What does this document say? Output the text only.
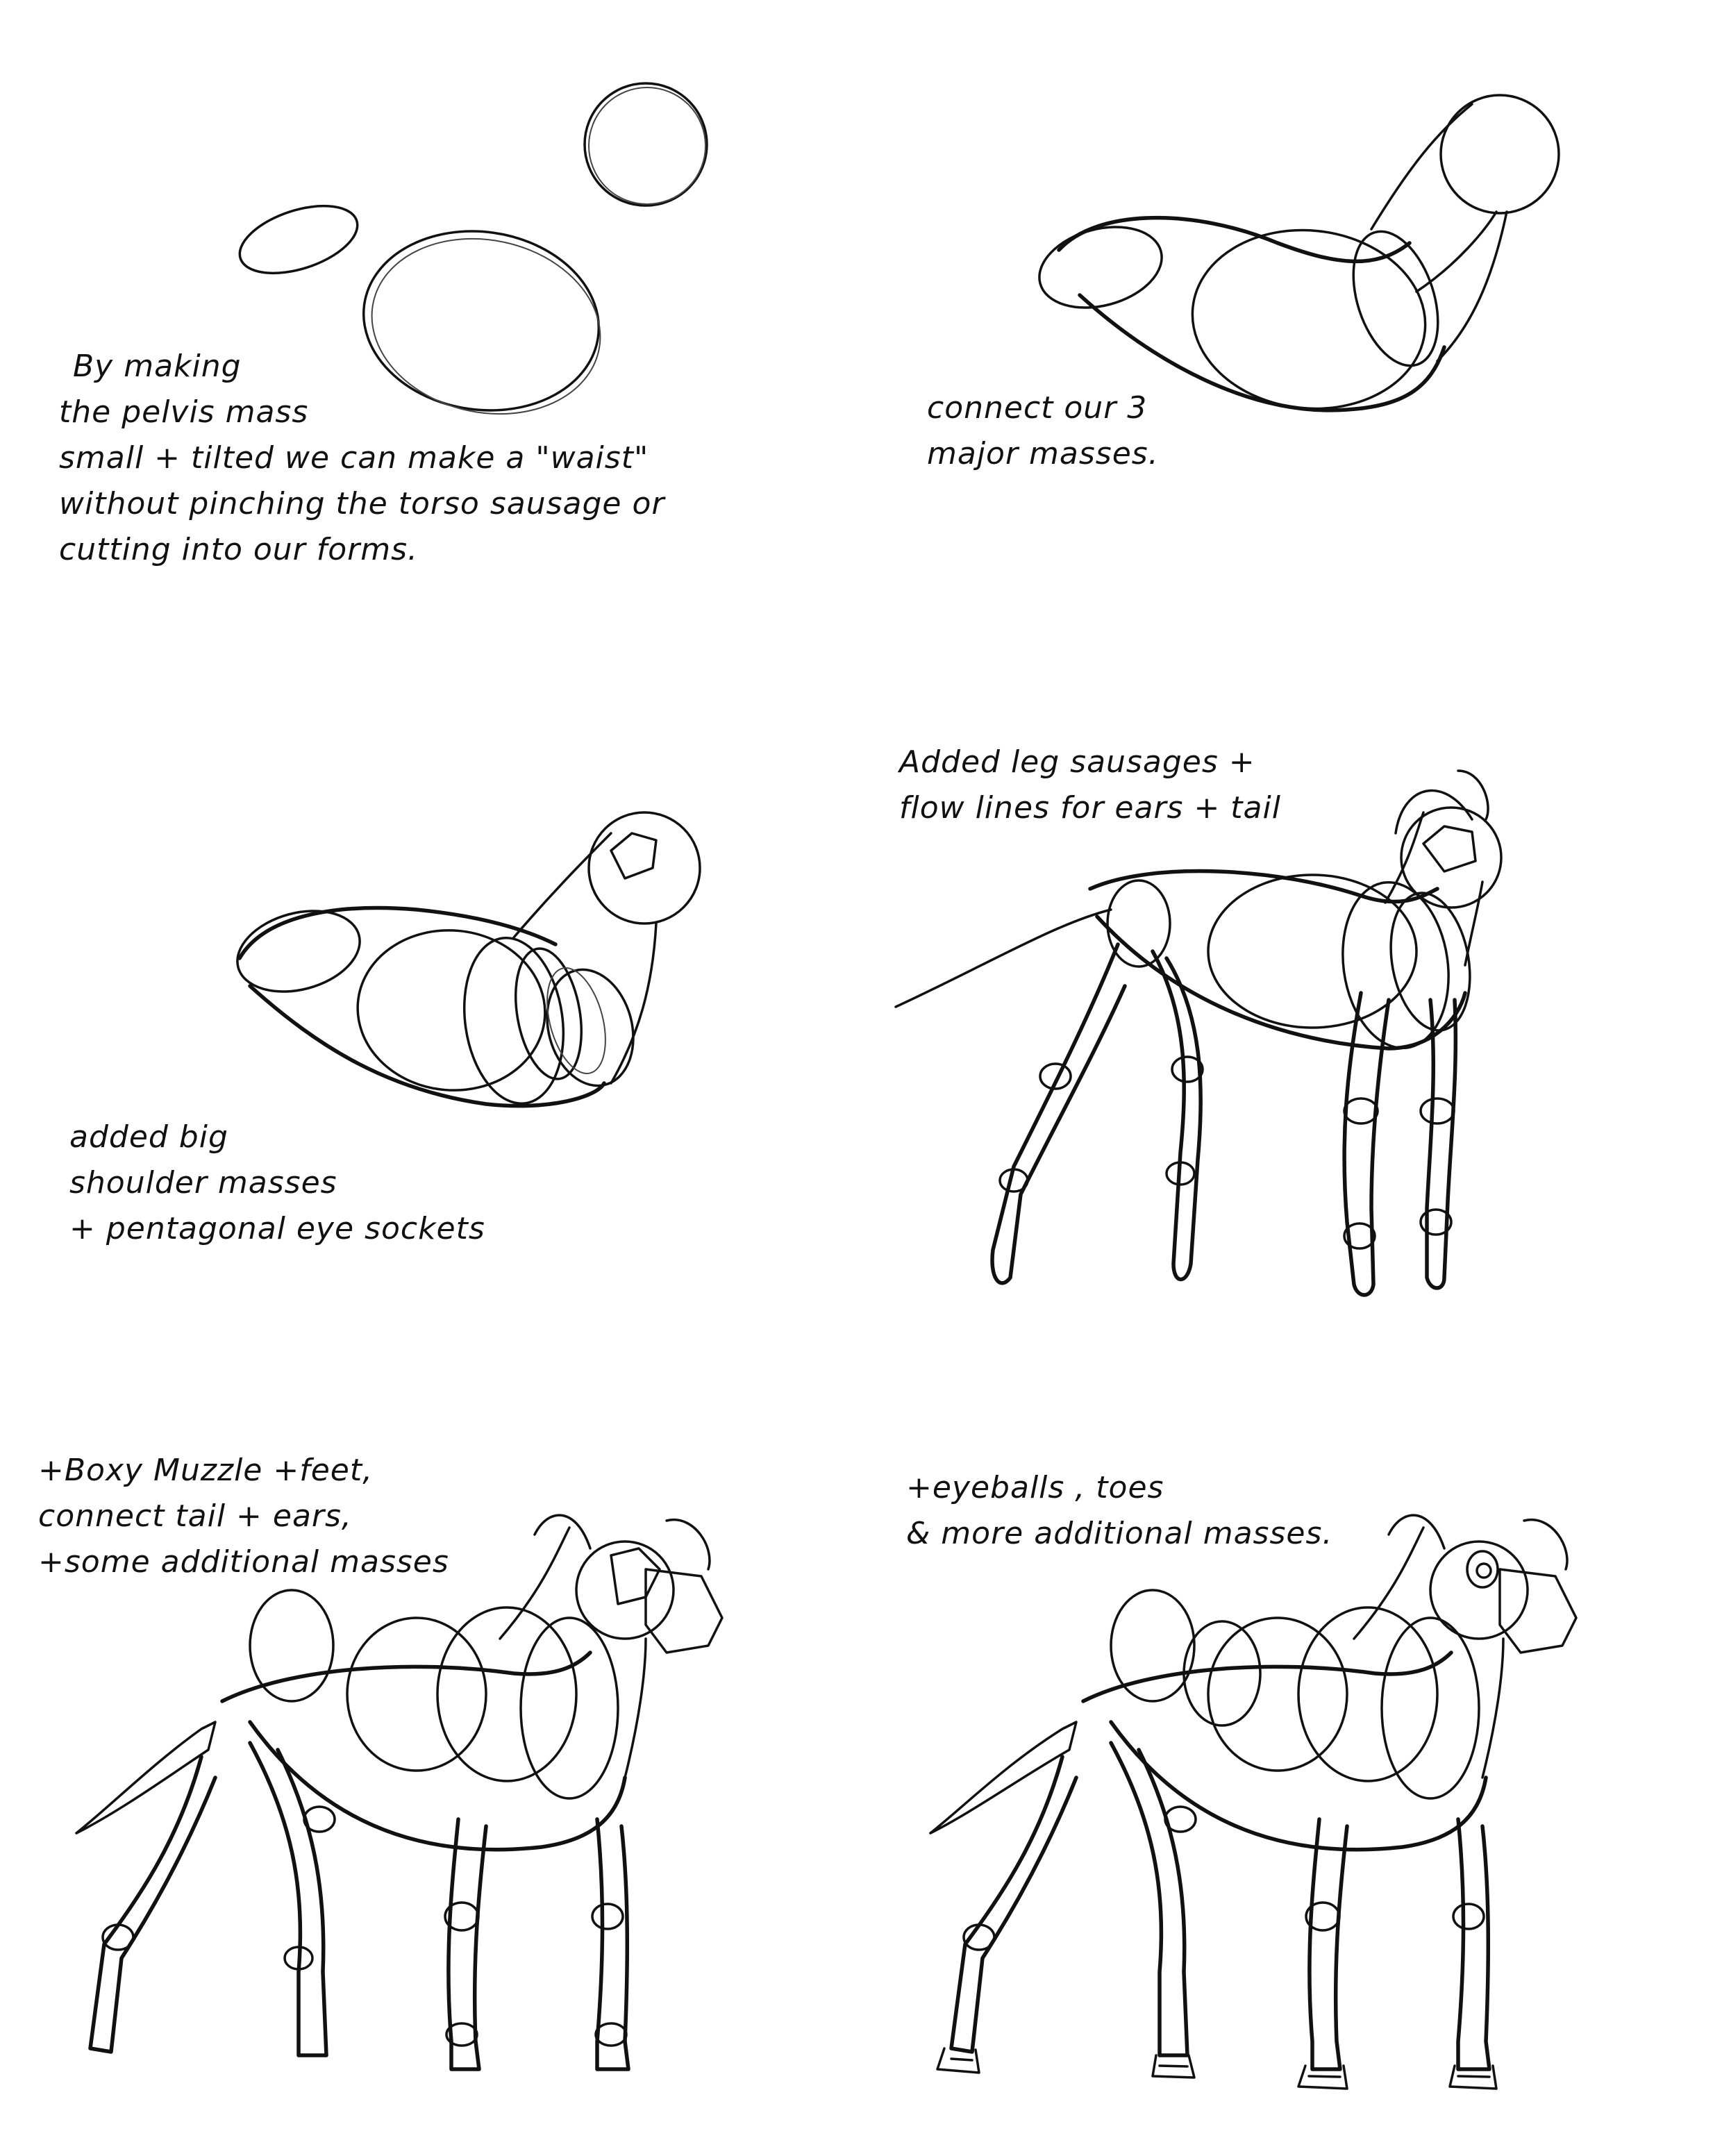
By making
the pelvis mass
small + tilted we can make a "waist"
without pinching the torso sausage or
cutting into our forms.
connect our 3
major masses.
added big
shoulder masses
+ pentagonal eye sockets
Added leg sausages +
flow lines for ears + tail
+Boxy Muzzle +feet,
connect tail + ears,
+some additional masses
+eyeballs , toes
& more additional masses.
